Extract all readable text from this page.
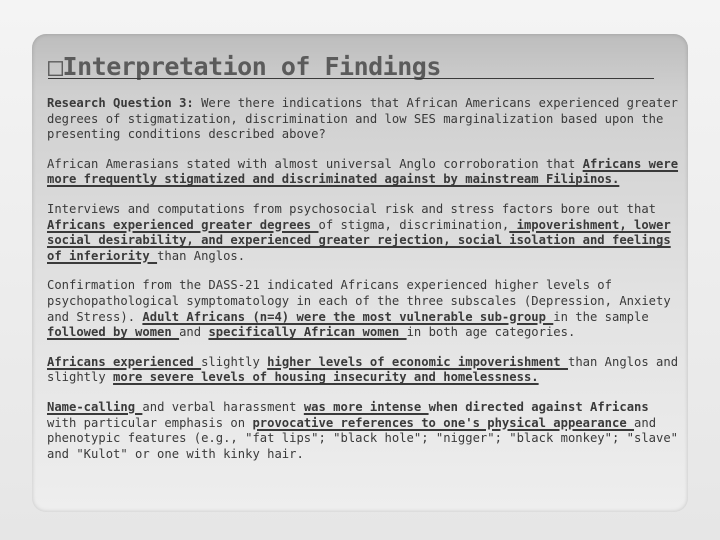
□Interpretation of Findings

Research Question 3: Were there indications that African Americans experienced greater degrees of stigmatization, discrimination and low SES marginalization based upon the presenting conditions described above?

African Amerasians stated with almost universal Anglo corroboration that Africans were more frequently stigmatized and discriminated against by mainstream Filipinos.

Interviews and computations from psychosocial risk and stress factors bore out that Africans experienced greater degrees of stigma, discrimination, impoverishment, lower social desirability, and experienced greater rejection, social isolation and feelings of inferiority than Anglos.

Confirmation from the DASS-21 indicated Africans experienced higher levels of psychopathological symptomatology in each of the three subscales (Depression, Anxiety and Stress). Adult Africans (n=4) were the most vulnerable sub-group in the sample followed by women and specifically African women in both age categories.

Africans experienced slightly higher levels of economic impoverishment than Anglos and slightly more severe levels of housing insecurity and homelessness.

Name-calling and verbal harassment was more intense when directed against Africans with particular emphasis on provocative references to one's physical appearance and phenotypic features (e.g., "fat lips"; "black hole"; "nigger"; "black monkey"; "slave" and "Kulot" or one with kinky hair.
